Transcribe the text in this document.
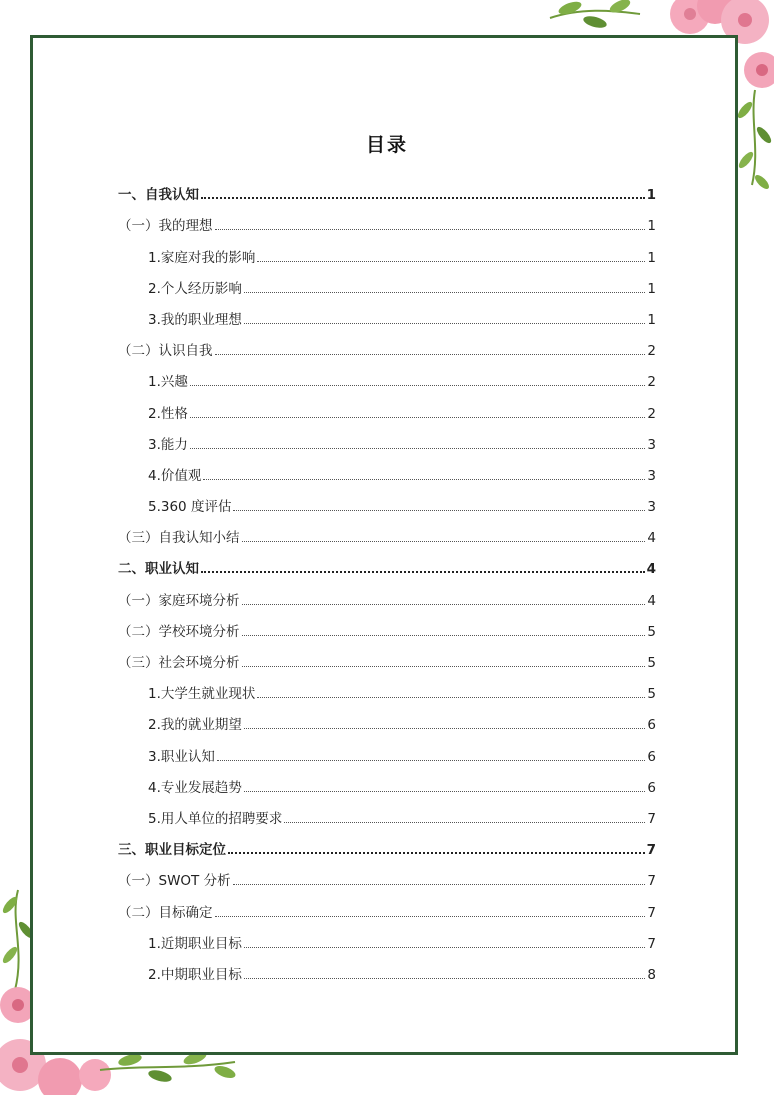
目录
一、自我认知	1
（一）我的理想	1
1.家庭对我的影响	1
2.个人经历影响	1
3.我的职业理想	1
（二）认识自我	2
1.兴趣	2
2.性格	2
3.能力	3
4.价值观	3
5.360 度评估	3
（三）自我认知小结	4
二、职业认知	4
（一）家庭环境分析	4
（二）学校环境分析	5
（三）社会环境分析	5
1.大学生就业现状	5
2.我的就业期望	6
3.职业认知	6
4.专业发展趋势	6
5.用人单位的招聘要求	7
三、职业目标定位	7
（一）SWOT 分析	7
（二）目标确定	7
1.近期职业目标	7
2.中期职业目标	8
